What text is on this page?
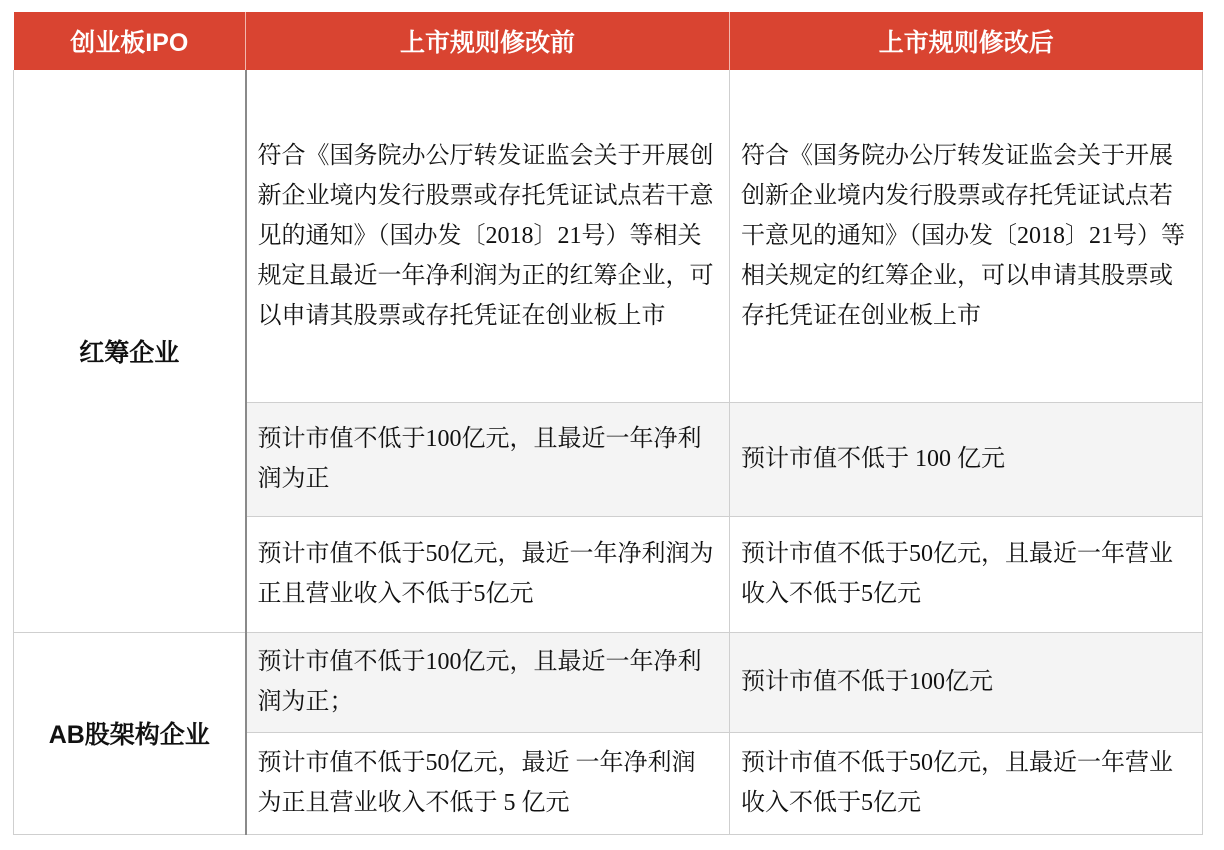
创业板IPO	上市规则修改前	上市规则修改后
红筹企业	符合《国务院办公厅转发证监会关于开展创新企业境内发行股票或存托凭证试点若干意见的通知》（国办发〔2018〕21号）等相关规定且最近一年净利润为正的红筹企业，可以申请其股票或存托凭证在创业板上市	符合《国务院办公厅转发证监会关于开展创新企业境内发行股票或存托凭证试点若干意见的通知》（国办发〔2018〕21号）等相关规定的红筹企业，可以申请其股票或存托凭证在创业板上市

	预计市值不低于100亿元，且最近一年净利润为正	预计市值不低于 100 亿元

	预计市值不低于50亿元，最近一年净利润为正且营业收入不低于5亿元	预计市值不低于50亿元，且最近一年营业收入不低于5亿元

AB股架构企业	预计市值不低于100亿元，且最近一年净利润为正；	预计市值不低于100亿元

	预计市值不低于50亿元，最近 一年净利润为正且营业收入不低于 5 亿元	预计市值不低于50亿元，且最近一年营业收入不低于5亿元
